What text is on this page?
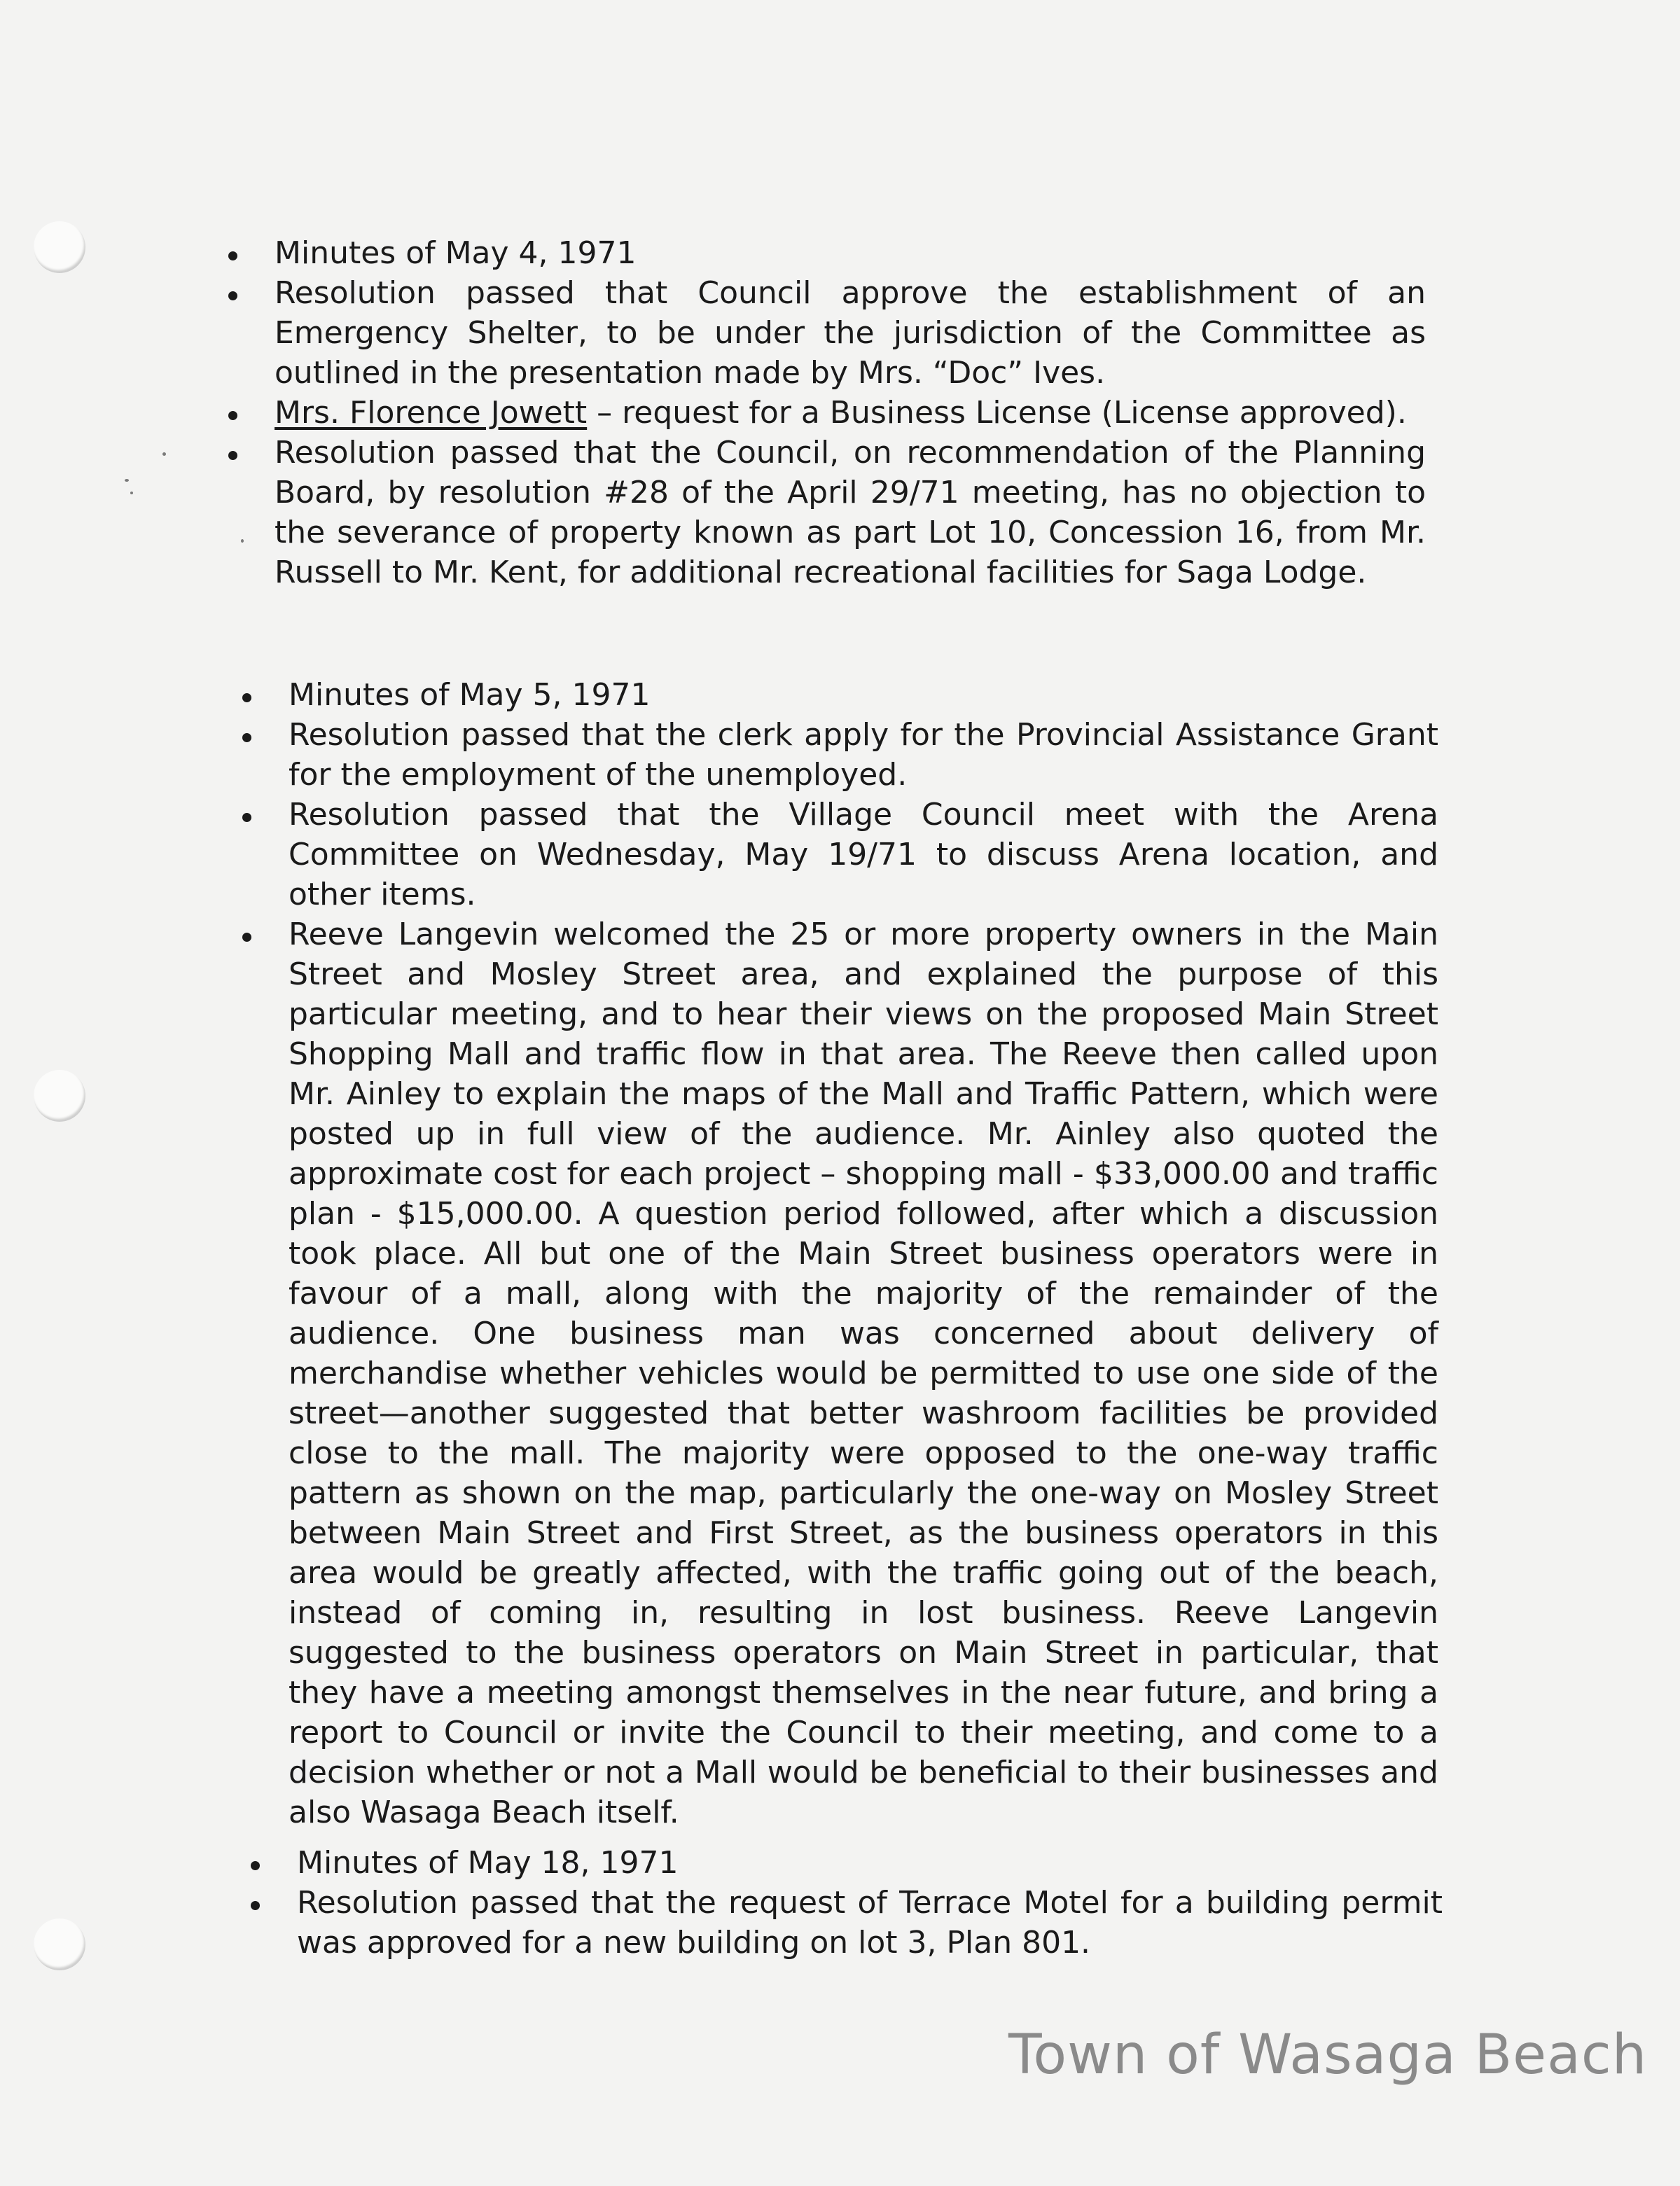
Minutes of May 4, 1971
Resolution passed that Council approve the establishment of an Emergency Shelter, to be under the jurisdiction of the Committee as outlined in the presentation made by Mrs. “Doc” Ives.
Mrs. Florence Jowett – request for a Business License (License approved).
Resolution passed that the Council, on recommendation of the Planning Board, by resolution #28 of the April 29/71 meeting, has no objection to the severance of property known as part Lot 10, Concession 16, from Mr. Russell to Mr. Kent, for additional recreational facilities for Saga Lodge.
Minutes of May 5, 1971
Resolution passed that the clerk apply for the Provincial Assistance Grant for the employment of the unemployed.
Resolution passed that the Village Council meet with the Arena Committee on Wednesday, May 19/71 to discuss Arena location, and other items.
Reeve Langevin welcomed the 25 or more property owners in the Main Street and Mosley Street area, and explained the purpose of this particular meeting, and to hear their views on the proposed Main Street Shopping Mall and traffic flow in that area. The Reeve then called upon Mr. Ainley to explain the maps of the Mall and Traffic Pattern, which were posted up in full view of the audience. Mr. Ainley also quoted the approximate cost for each project – shopping mall - $33,000.00 and traffic plan - $15,000.00. A question period followed, after which a discussion took place. All but one of the Main Street business operators were in favour of a mall, along with the majority of the remainder of the audience. One business man was concerned about delivery of merchandise whether vehicles would be permitted to use one side of the street—another suggested that better washroom facilities be provided close to the mall. The majority were opposed to the one-way traffic pattern as shown on the map, particularly the one-way on Mosley Street between Main Street and First Street, as the business operators in this area would be greatly affected, with the traffic going out of the beach, instead of coming in, resulting in lost business. Reeve Langevin suggested to the business operators on Main Street in particular, that they have a meeting amongst themselves in the near future, and bring a report to Council or invite the Council to their meeting, and come to a decision whether or not a Mall would be beneficial to their businesses and also Wasaga Beach itself.
Minutes of May 18, 1971
Resolution passed that the request of Terrace Motel for a building permit was approved for a new building on lot 3, Plan 801.
Town of Wasaga Beach
